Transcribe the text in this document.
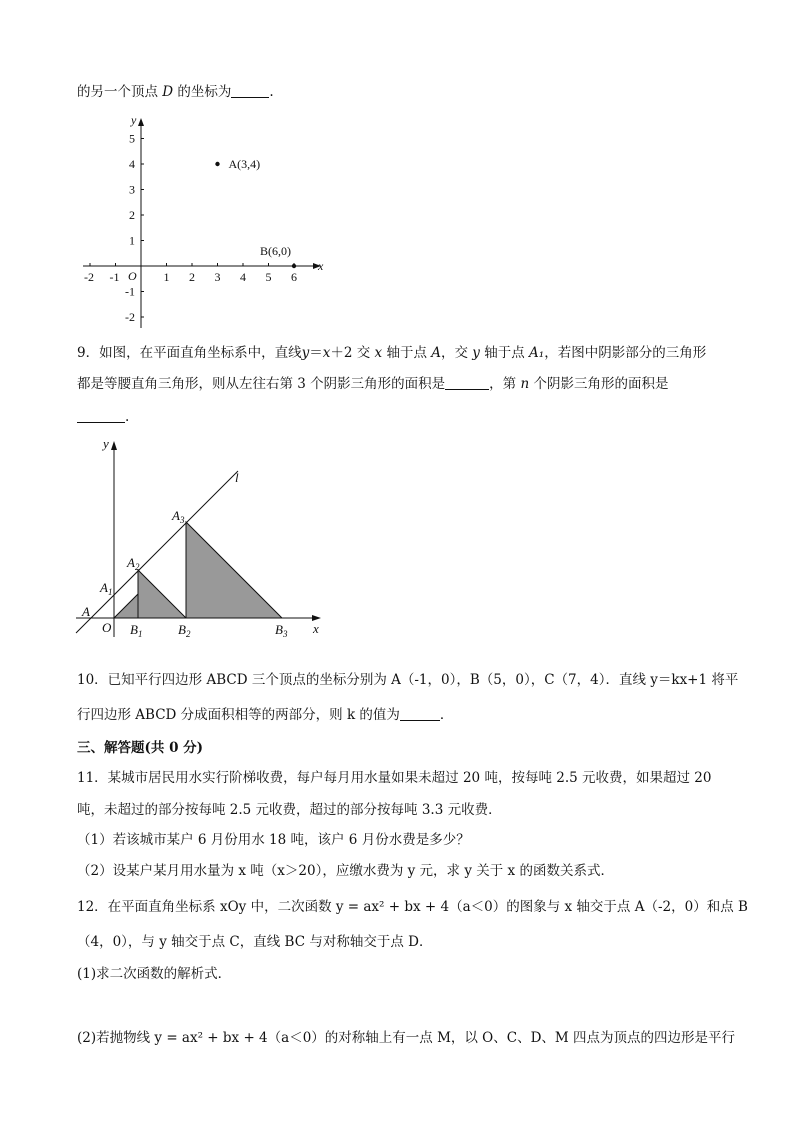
的另一个顶点 D 的坐标为	.
y
x
O
-2 -1	1 2 3 4 5 6
5
4
3
2
1
-1
-2
A(3,4)
B(6,0)
9．如图，在平面直角坐标系中，直线y＝x＋2 交 x 轴于点 A，交 y 轴于点 A₁，若图中阴影部分的三角形
都是等腰直角三角形，则从左往右第 3 个阴影三角形的面积是	，第 n 个阴影三角形的面积是
.
y
x
l
A
O
$A_1$
$A_2$
$A_3$
$B_1$	$B_2$	$B_3$
10．已知平行四边形 ABCD 三个顶点的坐标分别为 A（-1，0），B（5，0），C（7，4）．直线 y＝kx+1 将平
行四边形 ABCD 分成面积相等的两部分，则 k 的值为	．
三、解答题(共 0 分)
11．某城市居民用水实行阶梯收费，每户每月用水量如果未超过 20 吨，按每吨 2.5 元收费，如果超过 20
吨，未超过的部分按每吨 2.5 元收费，超过的部分按每吨 3.3 元收费．
（1）若该城市某户 6 月份用水 18 吨，该户 6 月份水费是多少？
（2）设某户某月用水量为 x 吨（x＞20），应缴水费为 y 元，求 y 关于 x 的函数关系式．
12．在平面直角坐标系 xOy 中，二次函数 y = ax² + bx + 4（a＜0）的图象与 x 轴交于点 A（-2，0）和点 B
（4，0），与 y 轴交于点 C，直线 BC 与对称轴交于点 D．
(1)求二次函数的解析式．
(2)若抛物线 y = ax² + bx + 4（a＜0）的对称轴上有一点 M，以 O、C、D、M 四点为顶点的四边形是平行
